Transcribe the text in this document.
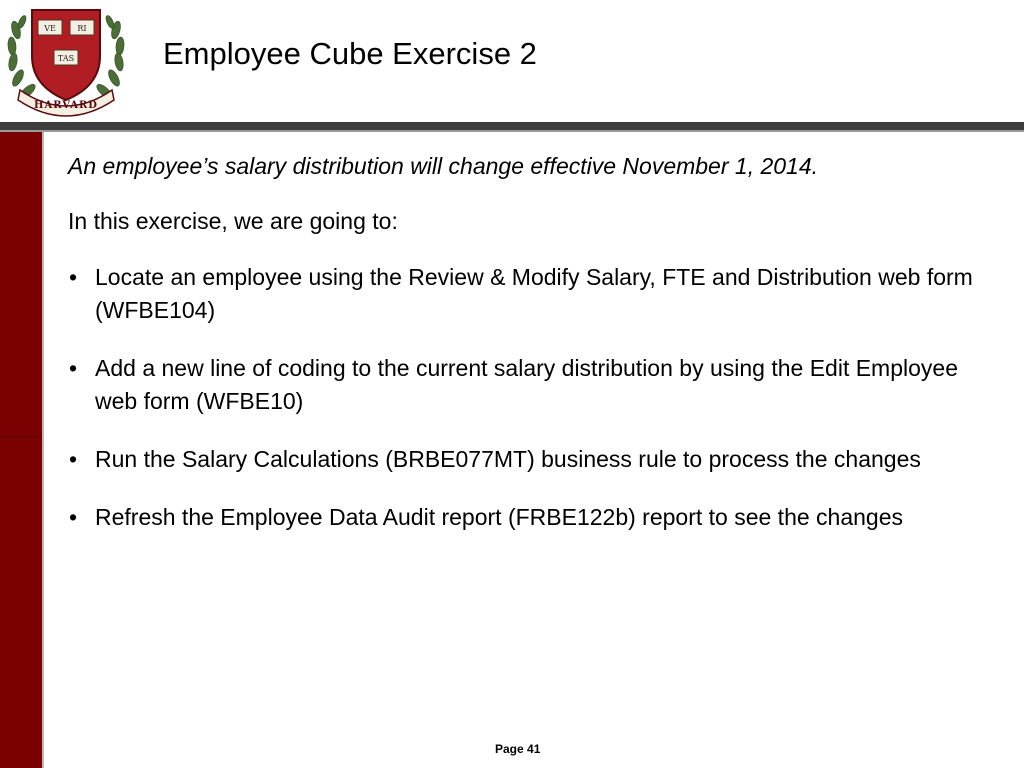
VE	RI
TAS
HARVARD
Employee Cube Exercise 2

An employee’s salary distribution will change effective November 1, 2014.

In this exercise, we are going to:

• Locate an employee using the Review & Modify Salary, FTE and Distribution web form (WFBE104)
• Add a new line of coding to the current salary distribution by using the Edit Employee web form (WFBE10)
• Run the Salary Calculations (BRBE077MT) business rule to process the changes
• Refresh the Employee Data Audit report (FRBE122b) report to see the changes
Page 41
